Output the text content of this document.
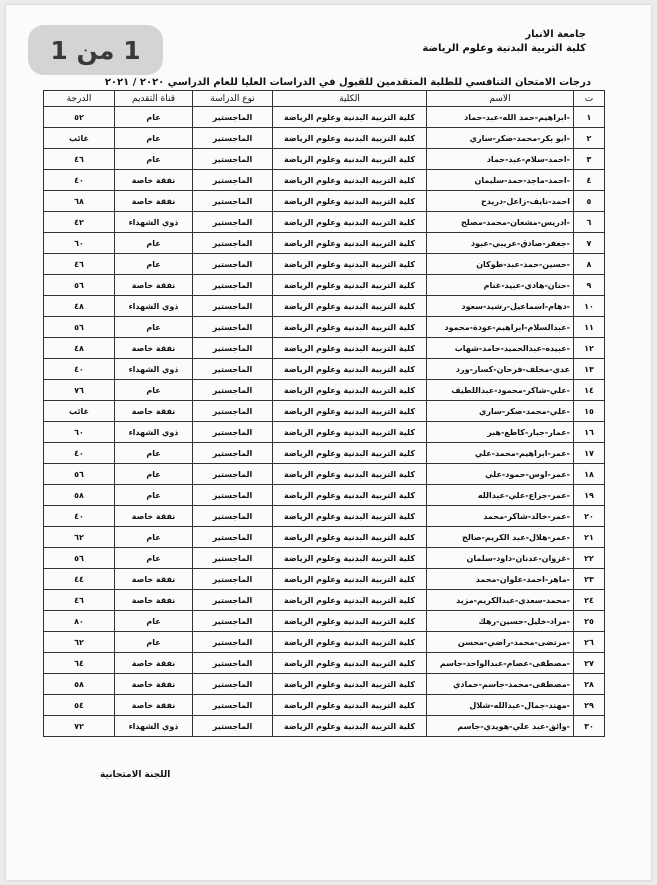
1 من 1
جامعة الانبار
كلية التربية البدنية وعلوم الرياضة
درجات الامتحان التنافسي للطلبة المتقدمين للقبول في الدراسات العليا للعام الدراسي ٢٠٢٠ / ٢٠٢١
ت	الاسم	الكلية	نوع الدراسة	قناة التقديم	الدرجة
١	-ابراهيم-حمد الله-عبد-حماد	كلية التربية البدنية وعلوم الرياضة	الماجستير	عام	٥٢
٢	-ابو بكر-محمد-صكر-ساري	كلية التربية البدنية وعلوم الرياضة	الماجستير	عام	غائب
٣	-احمد-سلام-عبد-حماد	كلية التربية البدنية وعلوم الرياضة	الماجستير	عام	٤٦
٤	-احمد-ماجد-حمد-سليمان	كلية التربية البدنية وعلوم الرياضة	الماجستير	نفقة خاصة	٤٠
٥	احمد-نايف-زاعل-دريدح	كلية التربية البدنية وعلوم الرياضة	الماجستير	نفقة خاصة	٦٨
٦	-ادريس-مشعان-محمد-مصلح	كلية التربية البدنية وعلوم الرياضة	الماجستير	ذوي الشهداء	٤٢
٧	-جعفر-صادق-عريبي-عبود	كلية التربية البدنية وعلوم الرياضة	الماجستير	عام	٦٠
٨	-حسين-حمد-عبد-طوكان	كلية التربية البدنية وعلوم الرياضة	الماجستير	عام	٤٦
٩	-حنان-هادي-عبيد-غنام	كلية التربية البدنية وعلوم الرياضة	الماجستير	نفقة خاصة	٥٦
١٠	-دهام-اسماعيل-رشيد-سعود	كلية التربية البدنية وعلوم الرياضة	الماجستير	ذوي الشهداء	٤٨
١١	-عبدالسلام-ابراهيم-عودة-محمود	كلية التربية البدنية وعلوم الرياضة	الماجستير	عام	٥٦
١٢	-عبيده-عبدالحميد-حامد-شهاب	كلية التربية البدنية وعلوم الرياضة	الماجستير	نفقة خاصة	٤٨
١٣	عدي-مخلف-فرحان-كسار-ورد	كلية التربية البدنية وعلوم الرياضة	الماجستير	ذوي الشهداء	٤٠
١٤	-علي-شاكر-محمود-عبداللطيف	كلية التربية البدنية وعلوم الرياضة	الماجستير	عام	٧٦
١٥	-علي-محمد-صكر-ساري	كلية التربية البدنية وعلوم الرياضة	الماجستير	نفقة خاصة	غائب
١٦	-عمار-جبار-كاطع-هبر	كلية التربية البدنية وعلوم الرياضة	الماجستير	ذوي الشهداء	٦٠
١٧	-عمر-ابراهيم-محمد-علي	كلية التربية البدنية وعلوم الرياضة	الماجستير	عام	٤٠
١٨	-عمر-اوس-حمود-علي	كلية التربية البدنية وعلوم الرياضة	الماجستير	عام	٥٦
١٩	-عمر-جزاع-علي-عبدالله	كلية التربية البدنية وعلوم الرياضة	الماجستير	عام	٥٨
٢٠	-عمر-خالد-شاكر-محمد	كلية التربية البدنية وعلوم الرياضة	الماجستير	نفقة خاصة	٤٠
٢١	-عمر-هلال-عبد الكريم-صالح	كلية التربية البدنية وعلوم الرياضة	الماجستير	عام	٦٢
٢٢	-غزوان-عدنان-داود-سلمان	كلية التربية البدنية وعلوم الرياضة	الماجستير	عام	٥٦
٢٣	-ماهر-احمد-علوان-محمد	كلية التربية البدنية وعلوم الرياضة	الماجستير	نفقة خاصة	٤٤
٢٤	-محمد-سعدي-عبدالكريم-مزيد	كلية التربية البدنية وعلوم الرياضة	الماجستير	نفقة خاصة	٤٦
٢٥	-مراد-خليل-حسين-رهك	كلية التربية البدنية وعلوم الرياضة	الماجستير	عام	٨٠
٢٦	-مرتضى-محمد-راضي-محسن	كلية التربية البدنية وعلوم الرياضة	الماجستير	عام	٦٢
٢٧	-مصطفى-عصام-عبدالواحد-جاسم	كلية التربية البدنية وعلوم الرياضة	الماجستير	نفقة خاصة	٦٤
٢٨	-مصطفى-محمد-جاسم-حمادي	كلية التربية البدنية وعلوم الرياضة	الماجستير	نفقة خاصة	٥٨
٢٩	-مهند-جمال-عبدالله-شلال	كلية التربية البدنية وعلوم الرياضة	الماجستير	نفقة خاصة	٥٤
٣٠	-وائق-عبد علي-هويدي-جاسم	كلية التربية البدنية وعلوم الرياضة	الماجستير	ذوي الشهداء	٧٢
اللجنة الامتحانية
